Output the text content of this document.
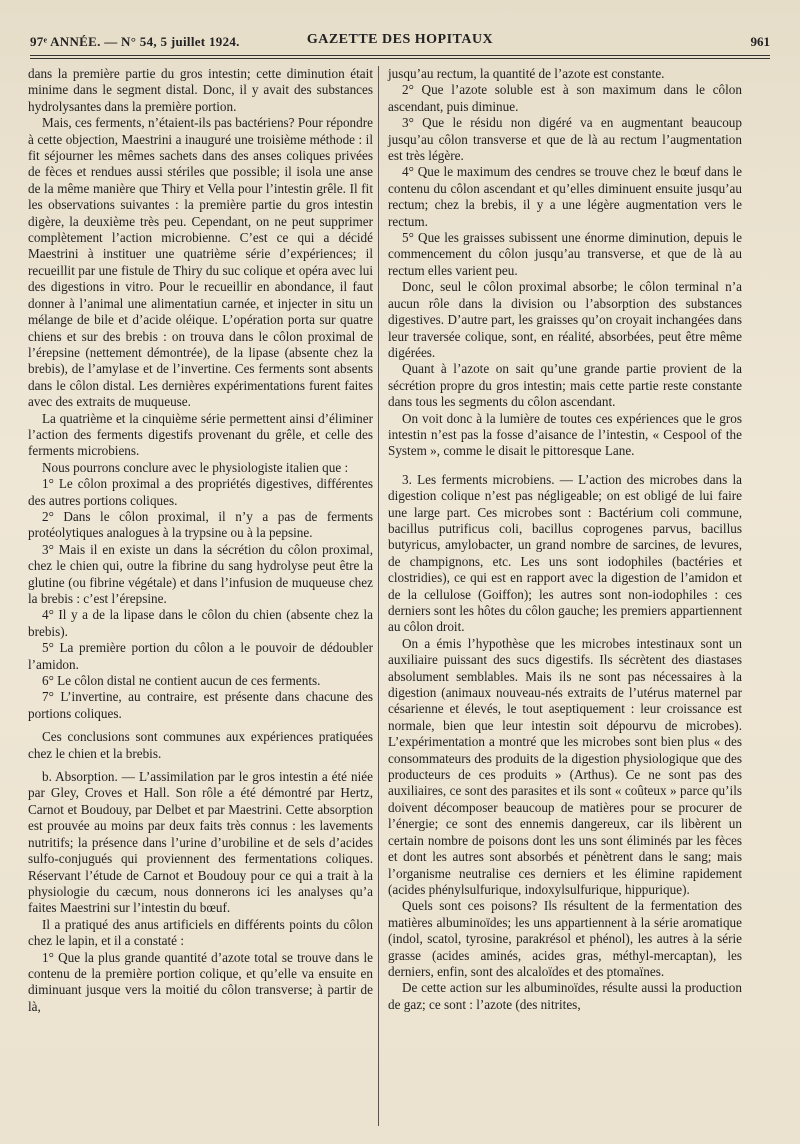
97ᵉ ANNÉE. — N° 54, 5 juillet 1924.	GAZETTE DES HOPITAUX	961

dans la première partie du gros intestin; cette diminution était minime dans le segment distal. Donc, il y avait des substances hydrolysantes dans la première portion.

Mais, ces ferments, n’étaient-ils pas bactériens? Pour répondre à cette objection, Maestrini a inauguré une troisième méthode : il fit séjourner les mêmes sachets dans des anses coliques privées de fèces et rendues aussi stériles que possible; il isola une anse de la même manière que Thiry et Vella pour l’intestin grêle. Il fit les observations suivantes : la première partie du gros intestin digère, la deuxième très peu. Cependant, on ne peut supprimer complètement l’action microbienne. C’est ce qui a décidé Maestrini à instituer une quatrième série d’expériences; il recueillit par une fistule de Thiry du suc colique et opéra avec lui des digestions in vitro. Pour le recueillir en abondance, il faut donner à l’animal une alimentatiun carnée, et injecter in situ un mélange de bile et d’acide oléique. L’opération porta sur quatre chiens et sur des brebis : on trouva dans le côlon proximal de l’érepsine (nettement démontrée), de la lipase (absente chez la brebis), de l’amylase et de l’invertine. Ces ferments sont absents dans le côlon distal. Les dernières expérimentations furent faites avec des extraits de muqueuse.

La quatrième et la cinquième série permettent ainsi d’éliminer l’action des ferments digestifs provenant du grêle, et celle des ferments microbiens.

Nous pourrons conclure avec le physiologiste italien que :

1° Le côlon proximal a des propriétés digestives, différentes des autres portions coliques.

2° Dans le côlon proximal, il n’y a pas de ferments protéolytiques analogues à la trypsine ou à la pepsine.

3° Mais il en existe un dans la sécrétion du côlon proximal, chez le chien qui, outre la fibrine du sang hydrolyse peut être la glutine (ou fibrine végétale) et dans l’infusion de muqueuse chez la brebis : c’est l’érepsine.

4° Il y a de la lipase dans le côlon du chien (absente chez la brebis).

5° La première portion du côlon a le pouvoir de dédoubler l’amidon.

6° Le côlon distal ne contient aucun de ces ferments.

7° L’invertine, au contraire, est présente dans chacune des portions coliques.

Ces conclusions sont communes aux expériences pratiquées chez le chien et la brebis.

b. Absorption. — L’assimilation par le gros intestin a été niée par Gley, Croves et Hall. Son rôle a été démontré par Hertz, Carnot et Boudouy, par Delbet et par Maestrini. Cette absorption est prouvée au moins par deux faits très connus : les lavements nutritifs; la présence dans l’urine d’urobiline et de sels d’acides sulfo-conjugués qui proviennent des fermentations coliques. Réservant l’étude de Carnot et Boudouy pour ce qui a trait à la physiologie du cæcum, nous donnerons ici les analyses qu’a faites Maestrini sur l’intestin du bœuf.

Il a pratiqué des anus artificiels en différents points du côlon chez le lapin, et il a constaté :

1° Que la plus grande quantité d’azote total se trouve dans le contenu de la première portion colique, et qu’elle va ensuite en diminuant jusque vers la moitié du côlon transverse; à partir de là,

jusqu’au rectum, la quantité de l’azote est constante.

2° Que l’azote soluble est à son maximum dans le côlon ascendant, puis diminue.

3° Que le résidu non digéré va en augmentant beaucoup jusqu’au côlon transverse et que de là au rectum l’augmentation est très légère.

4° Que le maximum des cendres se trouve chez le bœuf dans le contenu du côlon ascendant et qu’elles diminuent ensuite jusqu’au rectum; chez la brebis, il y a une légère augmentation vers le rectum.

5° Que les graisses subissent une énorme diminution, depuis le commencement du côlon jusqu’au transverse, et que de là au rectum elles varient peu.

Donc, seul le côlon proximal absorbe; le côlon terminal n’a aucun rôle dans la division ou l’absorption des substances digestives. D’autre part, les graisses qu’on croyait inchangées dans leur traversée colique, sont, en réalité, absorbées, peut être même digérées.

Quant à l’azote on sait qu’une grande partie provient de la sécrétion propre du gros intestin; mais cette partie reste constante dans tous les segments du côlon ascendant.

On voit donc à la lumière de toutes ces expériences que le gros intestin n’est pas la fosse d’aisance de l’intestin, « Cespool of the System », comme le disait le pittoresque Lane.

3. Les ferments microbiens. — L’action des microbes dans la digestion colique n’est pas négligeable; on est obligé de lui faire une large part. Ces microbes sont : Bactérium coli commune, bacillus putrificus coli, bacillus coprogenes parvus, bacillus butyricus, amylobacter, un grand nombre de sarcines, de levures, de champignons, etc. Les uns sont iodophiles (bactéries et clostridies), ce qui est en rapport avec la digestion de l’amidon et de la cellulose (Goiffon); les autres sont non-iodophiles : ces derniers sont les hôtes du côlon gauche; les premiers appartiennent au côlon droit.

On a émis l’hypothèse que les microbes intestinaux sont un auxiliaire puissant des sucs digestifs. Ils sécrètent des diastases absolument semblables. Mais ils ne sont pas nécessaires à la digestion (animaux nouveau-nés extraits de l’utérus maternel par césarienne et élevés, le tout aseptiquement : leur croissance est normale, bien que leur intestin soit dépourvu de microbes). L’expérimentation a montré que les microbes sont bien plus « des consommateurs des produits de la digestion physiologique que des producteurs de ces produits » (Arthus). Ce ne sont pas des auxiliaires, ce sont des parasites et ils sont « coûteux » parce qu’ils doivent décomposer beaucoup de matières pour se procurer de l’énergie; ce sont des ennemis dangereux, car ils libèrent un certain nombre de poisons dont les uns sont éliminés par les fèces et dont les autres sont absorbés et pénètrent dans le sang; mais l’organisme neutralise ces derniers et les élimine rapidement (acides phénylsulfurique, indoxylsulfurique, hippurique).

Quels sont ces poisons? Ils résultent de la fermentation des matières albuminoïdes; les uns appartiennent à la série aromatique (indol, scatol, tyrosine, parakrésol et phénol), les autres à la série grasse (acides aminés, acides gras, méthyl-mercaptan), les derniers, enfin, sont des alcaloïdes et des ptomaïnes.

De cette action sur les albuminoïdes, résulte aussi la production de gaz; ce sont : l’azote (des nitrites,
